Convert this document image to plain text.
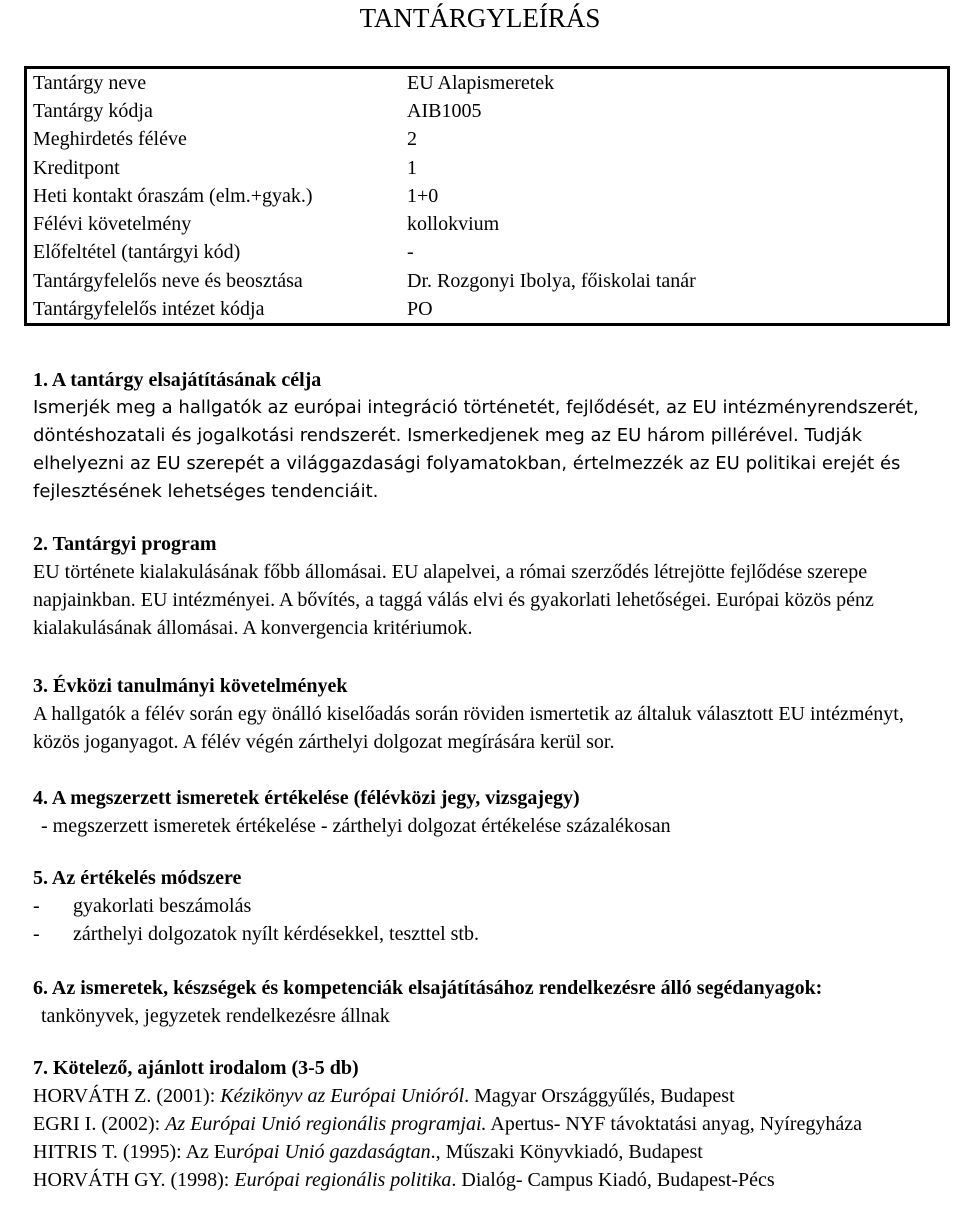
TANTÁRGYLEÍRÁS
Tantárgy neve	EU Alapismeretek
Tantárgy kódja	AIB1005
Meghirdetés féléve	2
Kreditpont	1
Heti kontakt óraszám (elm.+gyak.)	1+0
Félévi követelmény	kollokvium
Előfeltétel (tantárgyi kód)	-
Tantárgyfelelős neve és beosztása	Dr. Rozgonyi Ibolya, főiskolai tanár
Tantárgyfelelős intézet kódja	PO
1. A tantárgy elsajátításának célja
Ismerjék meg a hallgatók az európai integráció történetét, fejlődését, az EU intézményrendszerét, döntéshozatali és jogalkotási rendszerét. Ismerkedjenek meg az EU három pillérével. Tudják elhelyezni az EU szerepét a világgazdasági folyamatokban, értelmezzék az EU politikai erejét és fejlesztésének lehetséges tendenciáit.
2. Tantárgyi program
EU története kialakulásának főbb állomásai. EU alapelvei, a római szerződés létrejötte fejlődése szerepe napjainkban. EU intézményei. A bővítés, a taggá válás elvi és gyakorlati lehetőségei. Európai közös pénz kialakulásának állomásai. A konvergencia kritériumok.
3. Évközi tanulmányi követelmények
A hallgatók a félév során egy önálló kiselőadás során röviden ismertetik az általuk választott EU intézményt, közös joganyagot. A félév végén zárthelyi dolgozat megírására kerül sor.
4. A megszerzett ismeretek értékelése (félévközi jegy, vizsgajegy)
- megszerzett ismeretek értékelése - zárthelyi dolgozat értékelése százalékosan
5. Az értékelés módszere
- gyakorlati beszámolás
- zárthelyi dolgozatok nyílt kérdésekkel, teszttel stb.
6. Az ismeretek, készségek és kompetenciák elsajátításához rendelkezésre álló segédanyagok:
tankönyvek, jegyzetek rendelkezésre állnak
7. Kötelező, ajánlott irodalom (3-5 db)
HORVÁTH Z. (2001): Kézikönyv az Európai Unióról. Magyar Országgyűlés, Budapest
EGRI I. (2002): Az Európai Unió regionális programjai. Apertus- NYF távoktatási anyag, Nyíregyháza
HITRIS T. (1995): Az Európai Unió gazdaságtan., Műszaki Könyvkiadó, Budapest
HORVÁTH GY. (1998): Európai regionális politika. Dialóg- Campus Kiadó, Budapest-Pécs
